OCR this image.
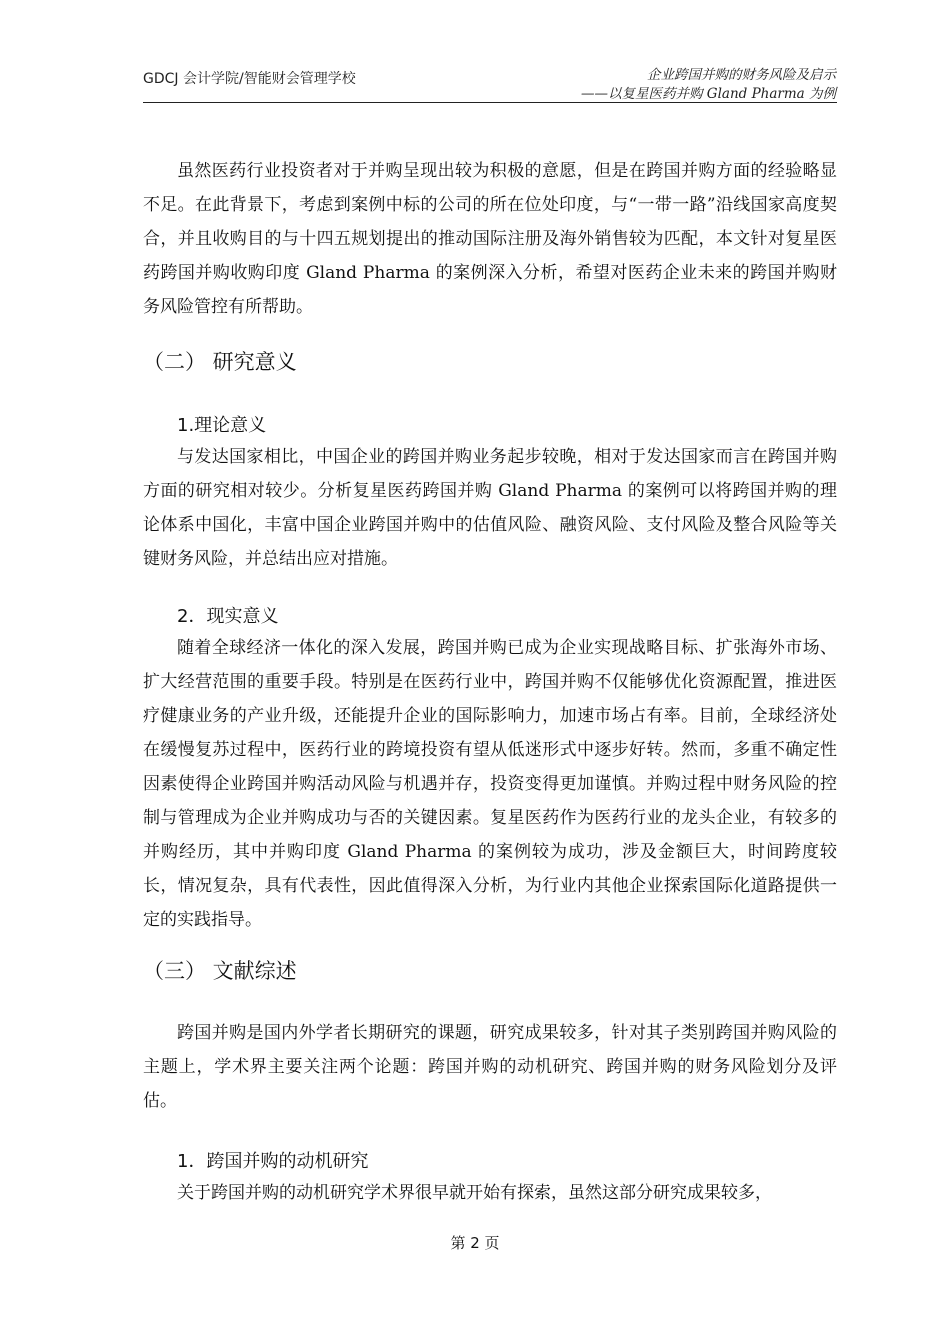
GDCJ 会计学院/智能财会管理学校	企业跨国并购的财务风险及启示
——以复星医药并购 Gland Pharma 为例

虽然医药行业投资者对于并购呈现出较为积极的意愿，但是在跨国并购方面的经验略显不足。在此背景下，考虑到案例中标的公司的所在位处印度，与“一带一路”沿线国家高度契合，并且收购目的与十四五规划提出的推动国际注册及海外销售较为匹配，本文针对复星医药跨国并购收购印度 Gland Pharma 的案例深入分析，希望对医药企业未来的跨国并购财务风险管控有所帮助。

（二） 研究意义
1.理论意义

与发达国家相比，中国企业的跨国并购业务起步较晚，相对于发达国家而言在跨国并购方面的研究相对较少。分析复星医药跨国并购 Gland Pharma 的案例可以将跨国并购的理论体系中国化，丰富中国企业跨国并购中的估值风险、融资风险、支付风险及整合风险等关键财务风险，并总结出应对措施。

2．现实意义

随着全球经济一体化的深入发展，跨国并购已成为企业实现战略目标、扩张海外市场、扩大经营范围的重要手段。特别是在医药行业中，跨国并购不仅能够优化资源配置，推进医疗健康业务的产业升级，还能提升企业的国际影响力，加速市场占有率。目前，全球经济处在缓慢复苏过程中，医药行业的跨境投资有望从低迷形式中逐步好转。然而，多重不确定性因素使得企业跨国并购活动风险与机遇并存，投资变得更加谨慎。并购过程中财务风险的控制与管理成为企业并购成功与否的关键因素。复星医药作为医药行业的龙头企业，有较多的并购经历，其中并购印度 Gland Pharma 的案例较为成功，涉及金额巨大，时间跨度较长，情况复杂，具有代表性，因此值得深入分析，为行业内其他企业探索国际化道路提供一定的实践指导。

（三） 文献综述

跨国并购是国内外学者长期研究的课题，研究成果较多，针对其子类别跨国并购风险的主题上，学术界主要关注两个论题：跨国并购的动机研究、跨国并购的财务风险划分及评估。

1．跨国并购的动机研究

关于跨国并购的动机研究学术界很早就开始有探索，虽然这部分研究成果较多，

第 2 页
